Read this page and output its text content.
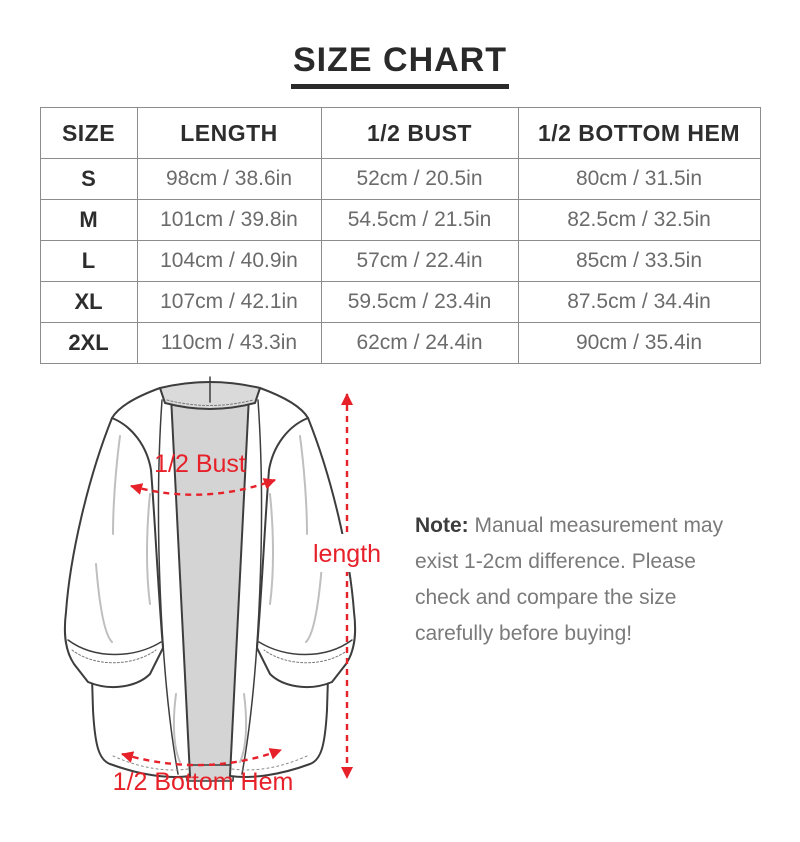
SIZE CHART
SIZE	LENGTH	1/2 BUST	1/2 BOTTOM HEM
S	98cm / 38.6in	52cm / 20.5in	80cm / 31.5in
M	101cm / 39.8in	54.5cm / 21.5in	82.5cm / 32.5in
L	104cm / 40.9in	57cm / 22.4in	85cm / 33.5in
XL	107cm / 42.1in	59.5cm / 23.4in	87.5cm / 34.4in
2XL	110cm / 43.3in	62cm / 24.4in	90cm / 35.4in
1/2 Bust
length
1/2 Bottom Hem
Note: Manual measurement may exist 1-2cm difference. Please check and compare the size carefully before buying!
